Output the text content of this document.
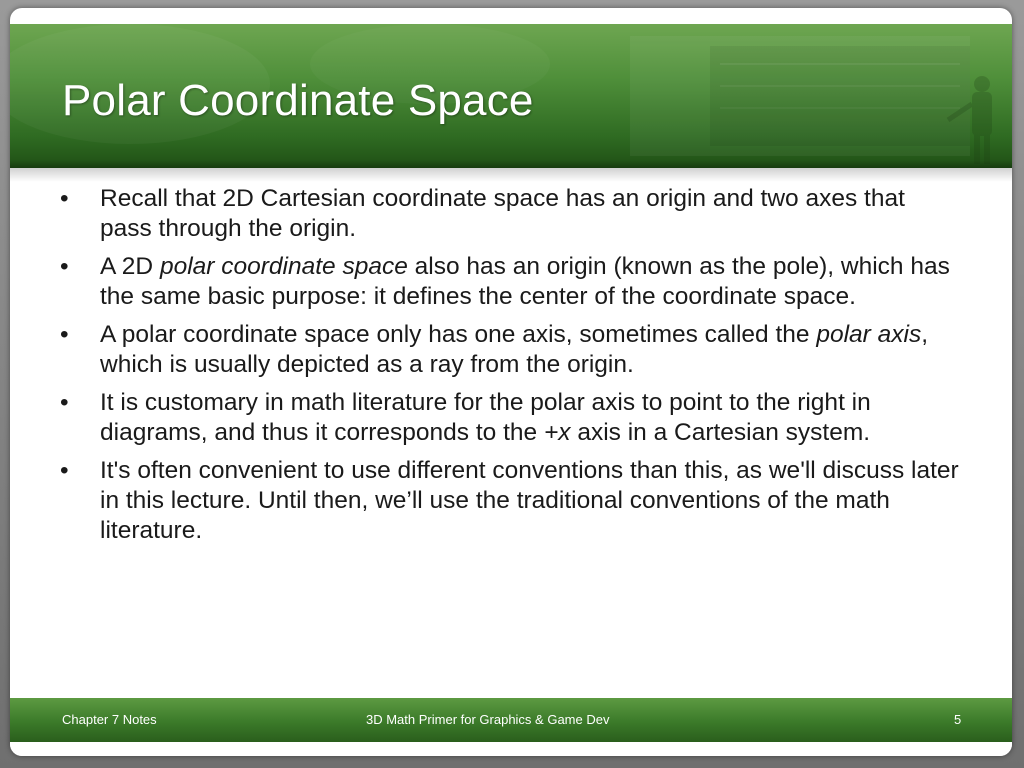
Polar Coordinate Space
•	Recall that 2D Cartesian coordinate space has an origin and two axes that pass through the origin.
•	A 2D polar coordinate space also has an origin (known as the pole), which has the same basic purpose: it defines the center of the coordinate space.
•	A polar coordinate space only has one axis, sometimes called the polar axis, which is usually depicted as a ray from the origin.
•	It is customary in math literature for the polar axis to point to the right in diagrams, and thus it corresponds to the +x axis in a Cartesian system.
•	It's often convenient to use different conventions than this, as we'll discuss later in this lecture. Until then, we’ll use the traditional conventions of the math literature.
Chapter 7 Notes	3D Math Primer for Graphics & Game Dev	5
